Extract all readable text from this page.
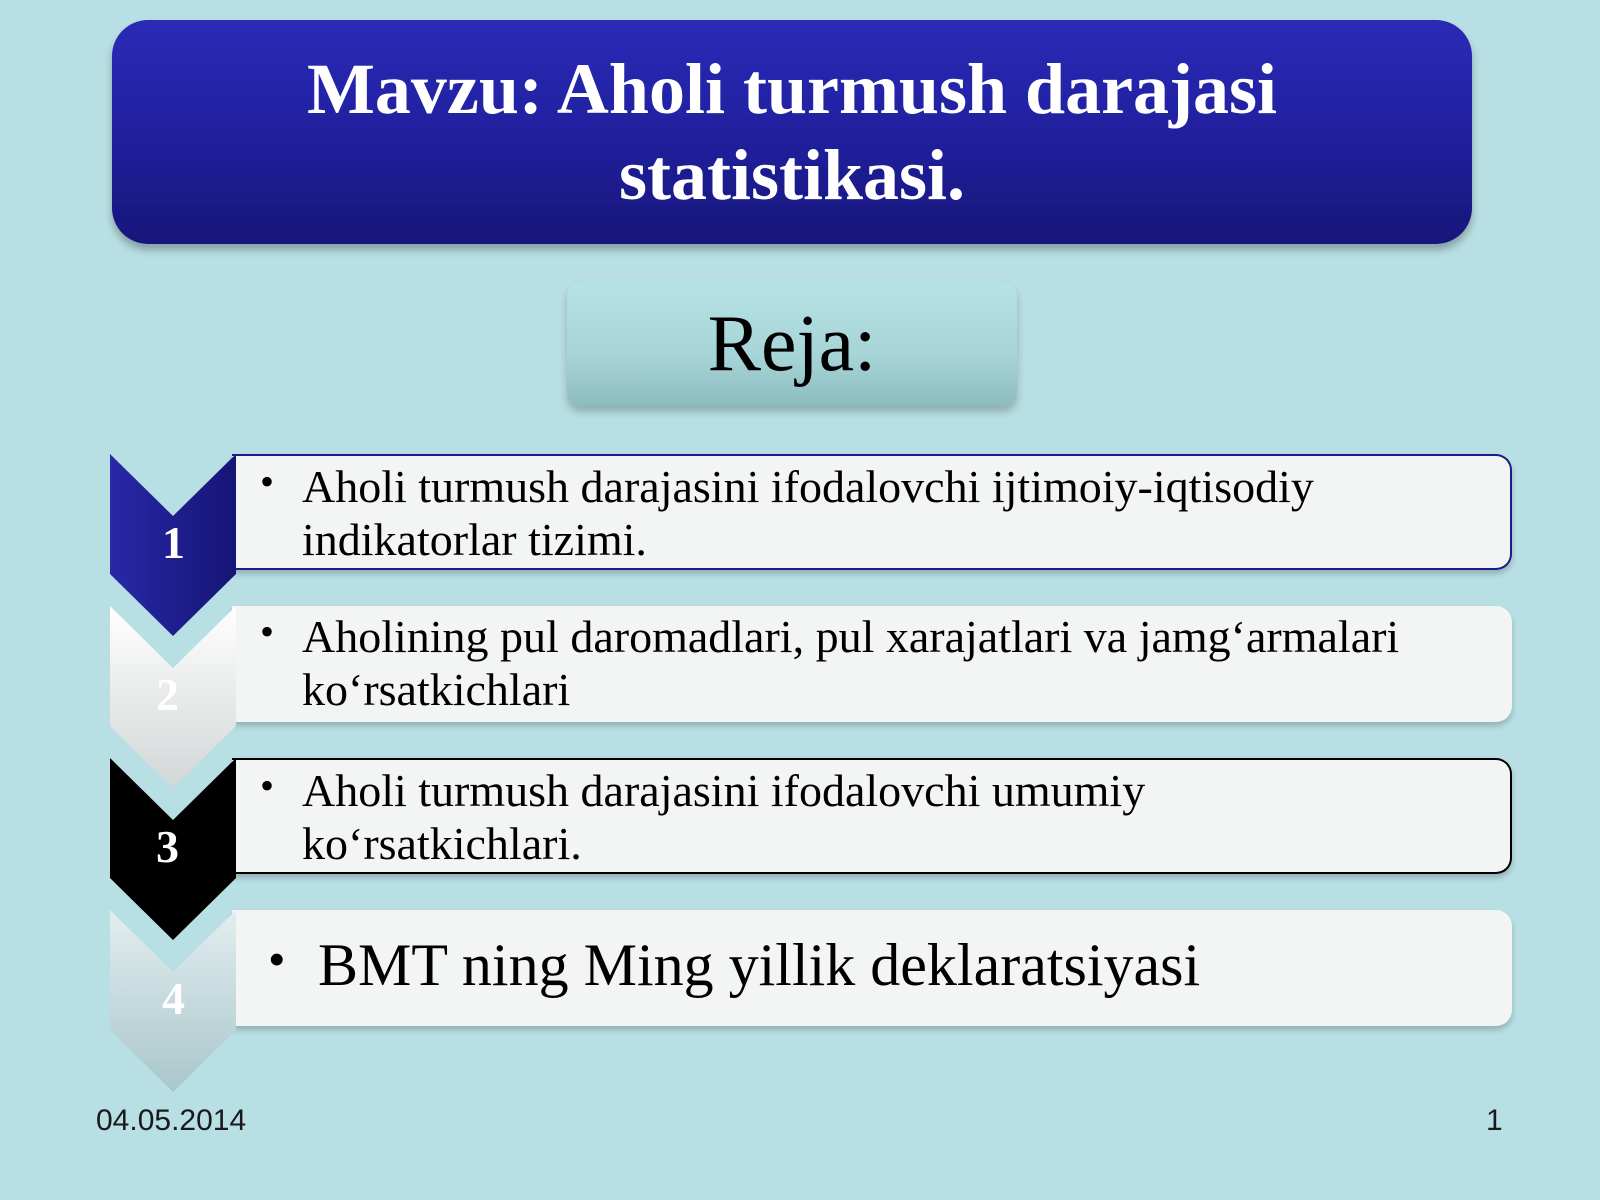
Mavzu: Aholi turmush darajasi
statistikasi.
Reja:
• Aholi turmush darajasini ifodalovchi ijtimoiy-iqtisodiy
indikatorlar tizimi.
• Aholining pul daromadlari, pul xarajatlari va jamg‘armalari
ko‘rsatkichlari
• Aholi turmush darajasini ifodalovchi umumiy
ko‘rsatkichlari.
• BMT ning Ming yillik deklaratsiyasi
1
2
3
4
04.05.2014	1
